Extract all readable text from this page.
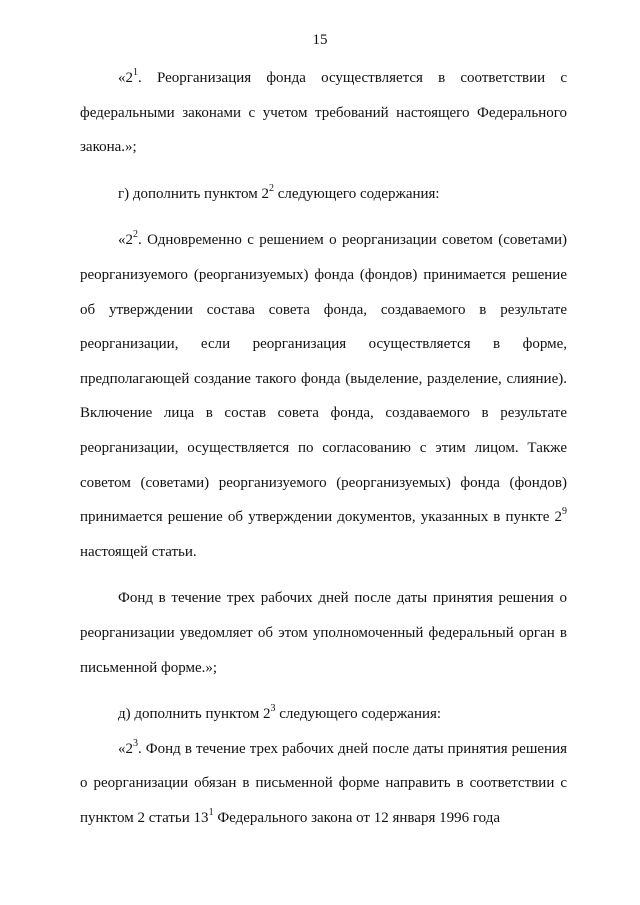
15

«$2^1$. Реорганизация фонда осуществляется в соответствии с федеральными законами с учетом требований настоящего Федерального закона.»;

г) дополнить пунктом $2^2$ следующего содержания:

«$2^2$. Одновременно с решением о реорганизации советом (советами) реорганизуемого (реорганизуемых) фонда (фондов) принимается решение об утверждении состава совета фонда, создаваемого в результате реорганизации, если реорганизация осуществляется в форме, предполагающей создание такого фонда (выделение, разделение, слияние). Включение лица в состав совета фонда, создаваемого в результате реорганизации, осуществляется по согласованию с этим лицом. Также советом (советами) реорганизуемого (реорганизуемых) фонда (фондов) принимается решение об утверждении документов, указанных в пункте $2^9$ настоящей статьи.

Фонд в течение трех рабочих дней после даты принятия решения о реорганизации уведомляет об этом уполномоченный федеральный орган в письменной форме.»;

д) дополнить пунктом $2^3$ следующего содержания:

«$2^3$. Фонд в течение трех рабочих дней после даты принятия решения о реорганизации обязан в письменной форме направить в соответствии с пунктом 2 статьи $13^1$ Федерального закона от 12 января 1996 года
